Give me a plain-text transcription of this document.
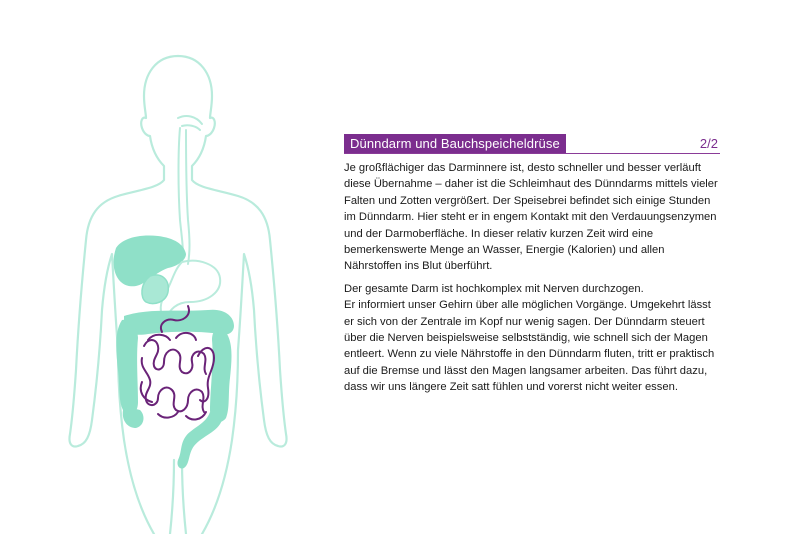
Dünndarm und Bauchspeicheldrüse	2/2

Je großflächiger das Darminnere ist, desto schneller und besser verläuft diese Übernahme – daher ist die Schleimhaut des Dünndarms mittels vieler Falten und Zotten vergrößert. Der Speisebrei befindet sich einige Stunden im Dünndarm. Hier steht er in engem Kontakt mit den Verdauungsenzymen und der Darmoberfläche. In dieser relativ kurzen Zeit wird eine bemerkenswerte Menge an Wasser, Energie (Kalorien) und allen Nährstoffen ins Blut überführt.

Der gesamte Darm ist hochkomplex mit Nerven durchzogen.

Er informiert unser Gehirn über alle möglichen Vorgänge. Umgekehrt lässt er sich von der Zentrale im Kopf nur wenig sagen. Der Dünndarm steuert über die Nerven beispielsweise selbstständig, wie schnell sich der Magen entleert. Wenn zu viele Nährstoffe in den Dünndarm fluten, tritt er praktisch auf die Bremse und lässt den Magen langsamer arbeiten. Das führt dazu, dass wir uns längere Zeit satt fühlen und vorerst nicht weiter essen.
